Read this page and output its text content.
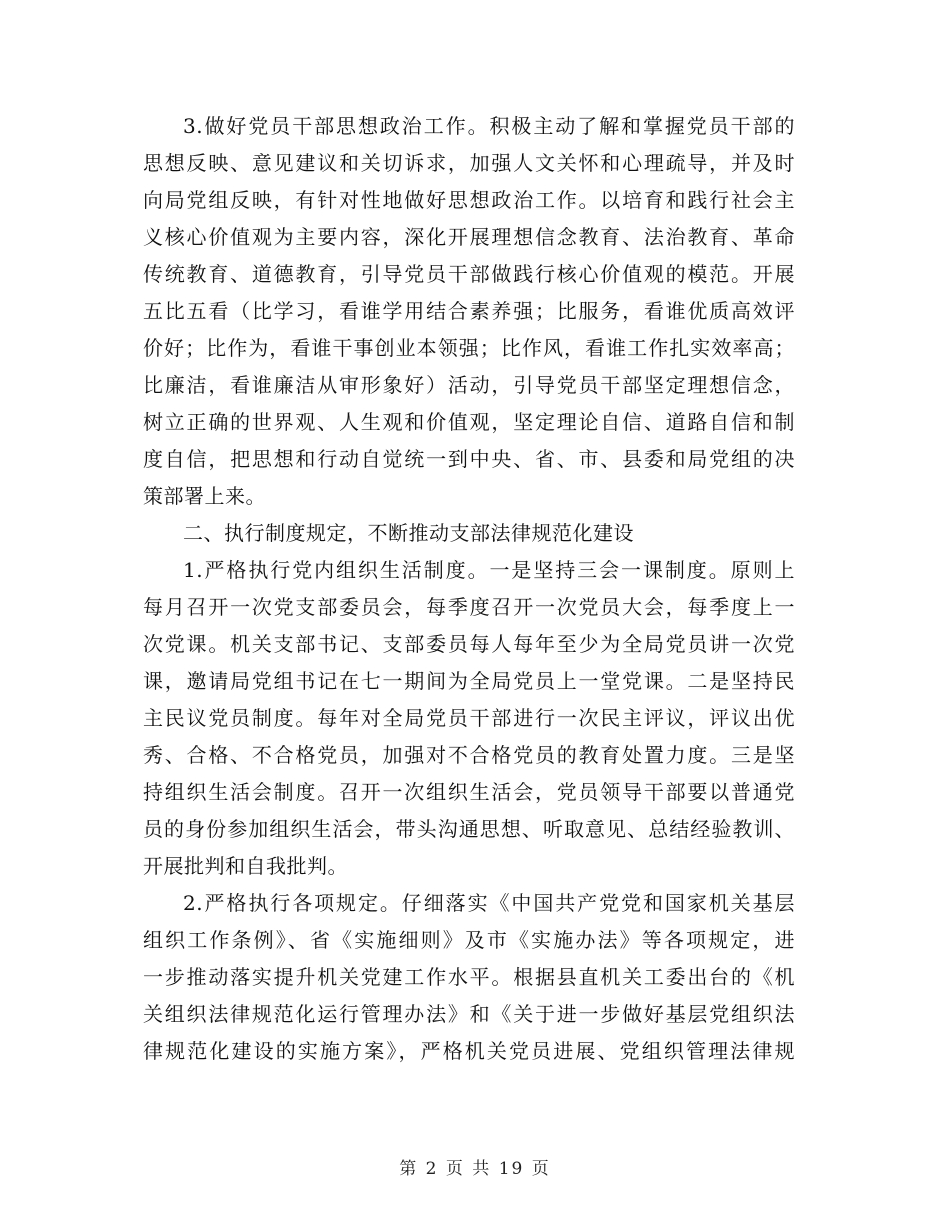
3.做好党员干部思想政治工作。积极主动了解和掌握党员干部的
思想反映、意见建议和关切诉求，加强人文关怀和心理疏导，并及时
向局党组反映，有针对性地做好思想政治工作。以培育和践行社会主
义核心价值观为主要内容，深化开展理想信念教育、法治教育、革命
传统教育、道德教育，引导党员干部做践行核心价值观的模范。开展
五比五看（比学习，看谁学用结合素养强；比服务，看谁优质高效评
价好；比作为，看谁干事创业本领强；比作风，看谁工作扎实效率高；
比廉洁，看谁廉洁从审形象好）活动，引导党员干部坚定理想信念，
树立正确的世界观、人生观和价值观，坚定理论自信、道路自信和制
度自信，把思想和行动自觉统一到中央、省、市、县委和局党组的决
策部署上来。
二、执行制度规定，不断推动支部法律规范化建设
1.严格执行党内组织生活制度。一是坚持三会一课制度。原则上
每月召开一次党支部委员会，每季度召开一次党员大会，每季度上一
次党课。机关支部书记、支部委员每人每年至少为全局党员讲一次党
课，邀请局党组书记在七一期间为全局党员上一堂党课。二是坚持民
主民议党员制度。每年对全局党员干部进行一次民主评议，评议出优
秀、合格、不合格党员，加强对不合格党员的教育处置力度。三是坚
持组织生活会制度。召开一次组织生活会，党员领导干部要以普通党
员的身份参加组织生活会，带头沟通思想、听取意见、总结经验教训、
开展批判和自我批判。
2.严格执行各项规定。仔细落实《中国共产党党和国家机关基层
组织工作条例》、省《实施细则》及市《实施办法》等各项规定，进
一步推动落实提升机关党建工作水平。根据县直机关工委出台的《机
关组织法律规范化运行管理办法》和《关于进一步做好基层党组织法
律规范化建设的实施方案》，严格机关党员进展、党组织管理法律规
第 2 页 共 19 页
